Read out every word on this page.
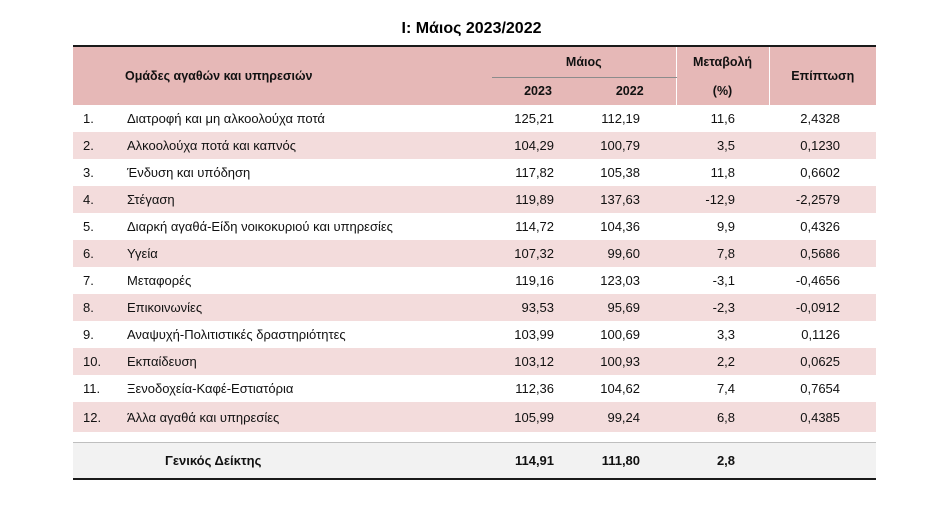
I: Μάιος 2023/2022
Ομάδες αγαθών και υπηρεσιών		Μάιος		Μεταβολή	Επίπτωση
		2023	2022	(%)	
1.	Διατροφή και μη αλκοολούχα ποτά	125,21	112,19	11,6	2,4328
2.	Αλκοολούχα ποτά και καπνός	104,29	100,79	3,5	0,1230
3.	Ένδυση και υπόδηση	117,82	105,38	11,8	0,6602
4.	Στέγαση	119,89	137,63	-12,9	-2,2579
5.	Διαρκή αγαθά-Είδη νοικοκυριού και υπηρεσίες	114,72	104,36	9,9	0,4326
6.	Υγεία	107,32	99,60	7,8	0,5686
7.	Μεταφορές	119,16	123,03	-3,1	-0,4656
8.	Επικοινωνίες	93,53	95,69	-2,3	-0,0912
9.	Αναψυχή-Πολιτιστικές δραστηριότητες	103,99	100,69	3,3	0,1126
10.	Εκπαίδευση	103,12	100,93	2,2	0,0625
11.	Ξενοδοχεία-Καφέ-Εστιατόρια	112,36	104,62	7,4	0,7654
12.	Άλλα αγαθά και υπηρεσίες	105,99	99,24	6,8	0,4385

	Γενικός Δείκτης	114,91	111,80	2,8	
